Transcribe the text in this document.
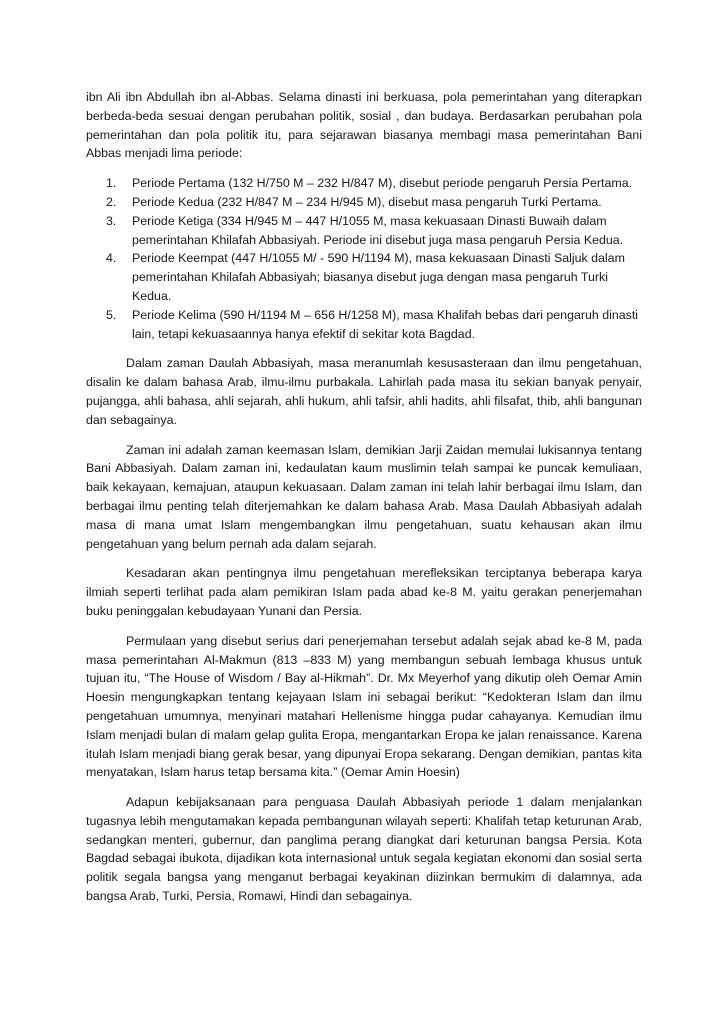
ibn Ali ibn Abdullah ibn al-Abbas. Selama dinasti ini berkuasa, pola pemerintahan yang diterapkan berbeda-beda sesuai dengan perubahan politik, sosial , dan budaya. Berdasarkan perubahan pola pemerintahan dan pola politik itu, para sejarawan biasanya membagi masa pemerintahan Bani Abbas menjadi lima periode:

1. Periode Pertama (132 H/750 M – 232 H/847 M), disebut periode pengaruh Persia Pertama.
2. Periode Kedua (232 H/847 M – 234 H/945 M), disebut masa pengaruh Turki Pertama.
3. Periode Ketiga (334 H/945 M – 447 H/1055 M, masa kekuasaan Dinasti Buwaih dalam pemerintahan Khilafah Abbasiyah. Periode ini disebut juga masa pengaruh Persia Kedua.
4. Periode Keempat (447 H/1055 M/ - 590 H/1194 M), masa kekuasaan Dinasti Saljuk dalam pemerintahan Khilafah Abbasiyah; biasanya disebut juga dengan masa pengaruh Turki Kedua.
5. Periode Kelima (590 H/1194 M – 656 H/1258 M), masa Khalifah bebas dari pengaruh dinasti lain, tetapi kekuasaannya hanya efektif di sekitar kota Bagdad.

Dalam zaman Daulah Abbasiyah, masa meranumlah kesusasteraan dan ilmu pengetahuan, disalin ke dalam bahasa Arab, ilmu-ilmu purbakala. Lahirlah pada masa itu sekian banyak penyair, pujangga, ahli bahasa, ahli sejarah, ahli hukum, ahli tafsir, ahli hadits, ahli filsafat, thib, ahli bangunan dan sebagainya.

Zaman ini adalah zaman keemasan Islam, demikian Jarji Zaidan memulai lukisannya tentang Bani Abbasiyah. Dalam zaman ini, kedaulatan kaum muslimin telah sampai ke puncak kemuliaan, baik kekayaan, kemajuan, ataupun kekuasaan. Dalam zaman ini telah lahir berbagai ilmu Islam, dan berbagai ilmu penting telah diterjemahkan ke dalam bahasa Arab. Masa Daulah Abbasiyah adalah masa di mana umat Islam mengembangkan ilmu pengetahuan, suatu kehausan akan ilmu pengetahuan yang belum pernah ada dalam sejarah.

Kesadaran akan pentingnya ilmu pengetahuan merefleksikan terciptanya beberapa karya ilmiah seperti terlihat pada alam pemikiran Islam pada abad ke-8 M. yaitu gerakan penerjemahan buku peninggalan kebudayaan Yunani dan Persia.

Permulaan yang disebut serius dari penerjemahan tersebut adalah sejak abad ke-8 M, pada masa pemerintahan Al-Makmun (813 –833 M) yang membangun sebuah lembaga khusus untuk tujuan itu, “The House of Wisdom / Bay al-Hikmah”. Dr. Mx Meyerhof yang dikutip oleh Oemar Amin Hoesin mengungkapkan tentang kejayaan Islam ini sebagai berikut: “Kedokteran Islam dan ilmu pengetahuan umumnya, menyinari matahari Hellenisme hingga pudar cahayanya. Kemudian ilmu Islam menjadi bulan di malam gelap gulita Eropa, mengantarkan Eropa ke jalan renaissance. Karena itulah Islam menjadi biang gerak besar, yang dipunyai Eropa sekarang. Dengan demikian, pantas kita menyatakan, Islam harus tetap bersama kita.” (Oemar Amin Hoesin)

Adapun kebijaksanaan para penguasa Daulah Abbasiyah periode 1 dalam menjalankan tugasnya lebih mengutamakan kepada pembangunan wilayah seperti: Khalifah tetap keturunan Arab, sedangkan menteri, gubernur, dan panglima perang diangkat dari keturunan bangsa Persia. Kota Bagdad sebagai ibukota, dijadikan kota internasional untuk segala kegiatan ekonomi dan sosial serta politik segala bangsa yang menganut berbagai keyakinan diizinkan bermukim di dalamnya, ada bangsa Arab, Turki, Persia, Romawi, Hindi dan sebagainya.
